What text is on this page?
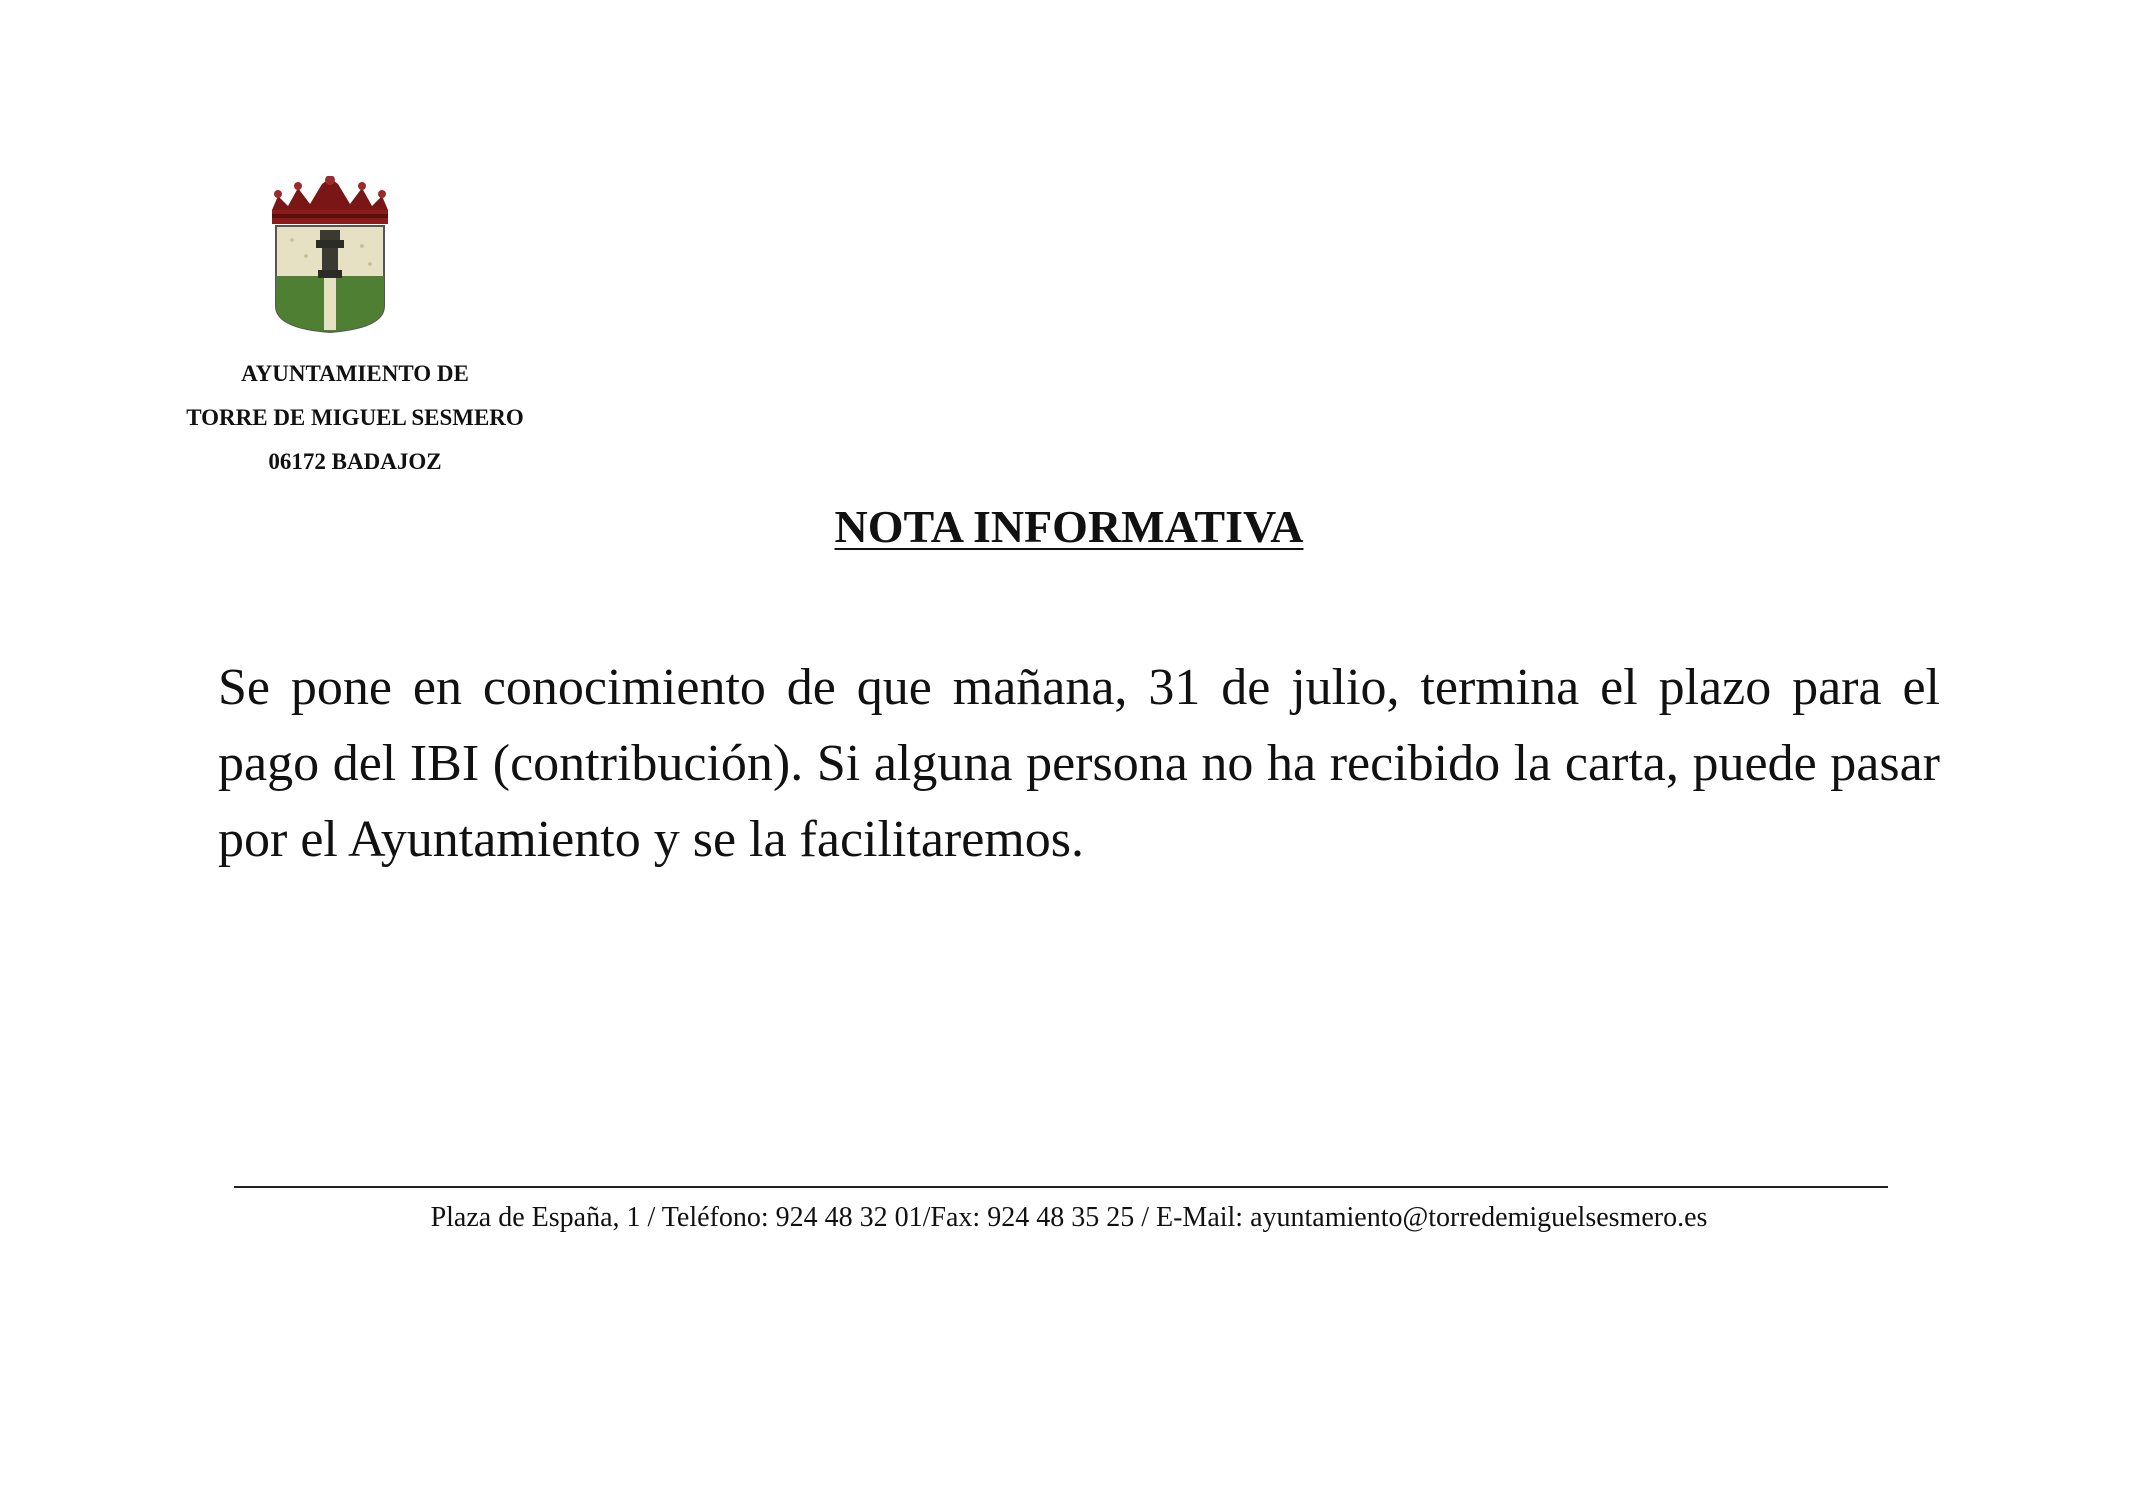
AYUNTAMIENTO DE
TORRE DE MIGUEL SESMERO
06172 BADAJOZ
NOTA INFORMATIVA
Se pone en conocimiento de que mañana, 31 de julio, termina el plazo para el pago del IBI (contribución). Si alguna persona no ha recibido la carta, puede pasar por el Ayuntamiento y se la facilitaremos.
Plaza de España, 1 / Teléfono: 924 48 32 01/Fax: 924 48 35 25 / E-Mail: ayuntamiento@torredemiguelsesmero.es
